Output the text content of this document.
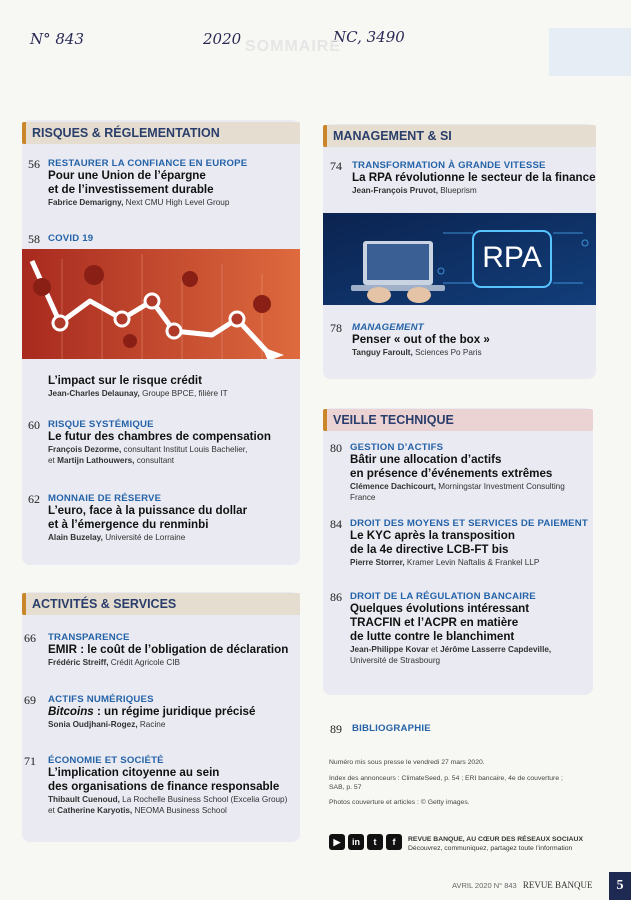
N° 843	2020	NC, 3490
SOMMAIRE
RISQUES & RÉGLEMENTATION
56 RESTAURER LA CONFIANCE EN EUROPE
Pour une Union de l’épargne
et de l’investissement durable
Fabrice Demarigny, Next CMU High Level Group
58 COVID 19
L’impact sur le risque crédit
Jean-Charles Delaunay, Groupe BPCE, filière IT
60 RISQUE SYSTÉMIQUE
Le futur des chambres de compensation
François Dezorme, consultant Institut Louis Bachelier,
et Martijn Lathouwers, consultant
62 MONNAIE DE RÉSERVE
L’euro, face à la puissance du dollar
et à l’émergence du renminbi
Alain Buzelay, Université de Lorraine
ACTIVITÉS & SERVICES
66 TRANSPARENCE
EMIR : le coût de l’obligation de déclaration
Frédéric Streiff, Crédit Agricole CIB
69 ACTIFS NUMÉRIQUES
Bitcoins : un régime juridique précisé
Sonia Oudjhani-Rogez, Racine
71 ÉCONOMIE ET SOCIÉTÉ
L’implication citoyenne au sein
des organisations de finance responsable
Thibault Cuenoud, La Rochelle Business School (Excelia Group)
et Catherine Karyotis, NEOMA Business School
MANAGEMENT & SI
74 TRANSFORMATION À GRANDE VITESSE
La RPA révolutionne le secteur de la finance
Jean-François Pruvot, Blueprism
RPA
78 MANAGEMENT
Penser « out of the box »
Tanguy Faroult, Sciences Po Paris
VEILLE TECHNIQUE
80 GESTION D’ACTIFS
Bâtir une allocation d’actifs
en présence d’événements extrêmes
Clémence Dachicourt, Morningstar Investment Consulting France
84 DROIT DES MOYENS ET SERVICES DE PAIEMENT
Le KYC après la transposition
de la 4e directive LCB-FT bis
Pierre Storrer, Kramer Levin Naftalis & Frankel LLP
86 DROIT DE LA RÉGULATION BANCAIRE
Quelques évolutions intéressant
TRACFIN et l’ACPR en matière
de lutte contre le blanchiment
Jean-Philippe Kovar et Jérôme Lasserre Capdeville,
Université de Strasbourg
89 BIBLIOGRAPHIE
Numéro mis sous presse le vendredi 27 mars 2020.
Index des annonceurs : ClimateSeed, p. 54 ; ERI bancaire, 4e de couverture ;
SAB, p. 57
Photos couverture et articles : © Getty images.
▶	in	t	f	REVUE BANQUE, AU CŒUR DES RÉSEAUX SOCIAUX
Découvrez, communiquez, partagez toute l’information
AVRIL 2020 N° 843 REVUE BANQUE	5
